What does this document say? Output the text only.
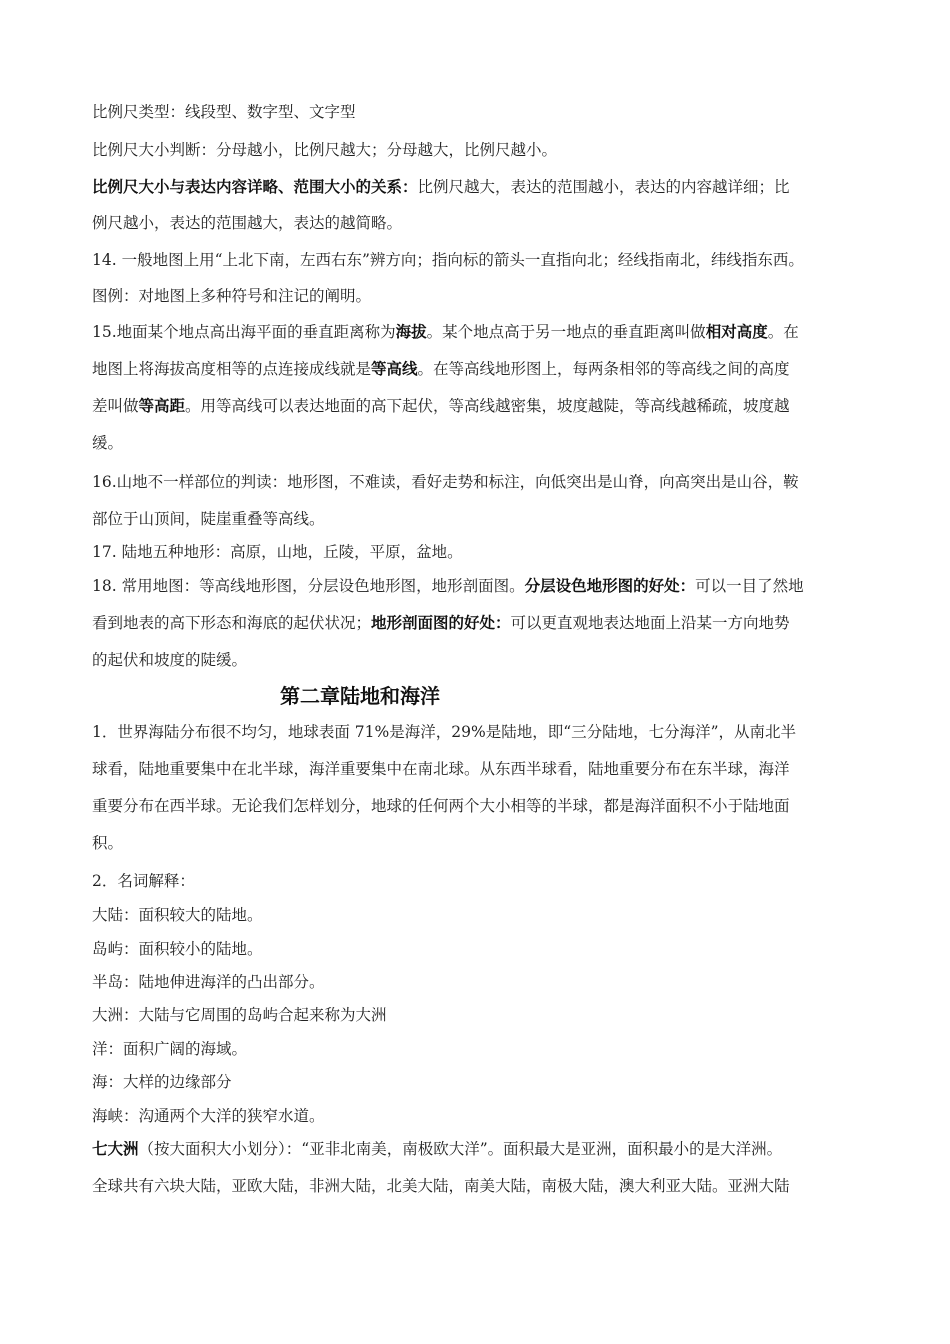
比例尺类型：线段型、数字型、文字型
比例尺大小判断：分母越小，比例尺越大；分母越大，比例尺越小。
比例尺大小与表达内容详略、范围大小的关系：比例尺越大，表达的范围越小，表达的内容越详细；比
例尺越小，表达的范围越大，表达的越简略。
14. 一般地图上用“上北下南，左西右东”辨方向；指向标的箭头一直指向北；经线指南北，纬线指东西。
图例：对地图上多种符号和注记的阐明。
15.地面某个地点高出海平面的垂直距离称为海拔。某个地点高于另一地点的垂直距离叫做相对高度。在
地图上将海拔高度相等的点连接成线就是等高线。在等高线地形图上，每两条相邻的等高线之间的高度
差叫做等高距。用等高线可以表达地面的高下起伏，等高线越密集，坡度越陡，等高线越稀疏，坡度越
缓。
16.山地不一样部位的判读：地形图，不难读，看好走势和标注，向低突出是山脊，向高突出是山谷，鞍
部位于山顶间，陡崖重叠等高线。
17. 陆地五种地形：高原，山地，丘陵，平原，盆地。
18. 常用地图：等高线地形图，分层设色地形图，地形剖面图。分层设色地形图的好处：可以一目了然地
看到地表的高下形态和海底的起伏状况；地形剖面图的好处：可以更直观地表达地面上沿某一方向地势
的起伏和坡度的陡缓。
第二章陆地和海洋
1．世界海陆分布很不均匀，地球表面 71%是海洋，29%是陆地，即“三分陆地，七分海洋”，从南北半
球看，陆地重要集中在北半球，海洋重要集中在南北球。从东西半球看，陆地重要分布在东半球，海洋
重要分布在西半球。无论我们怎样划分，地球的任何两个大小相等的半球，都是海洋面积不小于陆地面
积。
2．名词解释：
大陆：面积较大的陆地。
岛屿：面积较小的陆地。
半岛：陆地伸进海洋的凸出部分。
大洲：大陆与它周围的岛屿合起来称为大洲
洋：面积广阔的海域。
海：大样的边缘部分
海峡：沟通两个大洋的狭窄水道。
七大洲（按大面积大小划分）：“亚非北南美，南极欧大洋”。面积最大是亚洲，面积最小的是大洋洲。
全球共有六块大陆，亚欧大陆，非洲大陆，北美大陆，南美大陆，南极大陆，澳大利亚大陆。亚洲大陆
